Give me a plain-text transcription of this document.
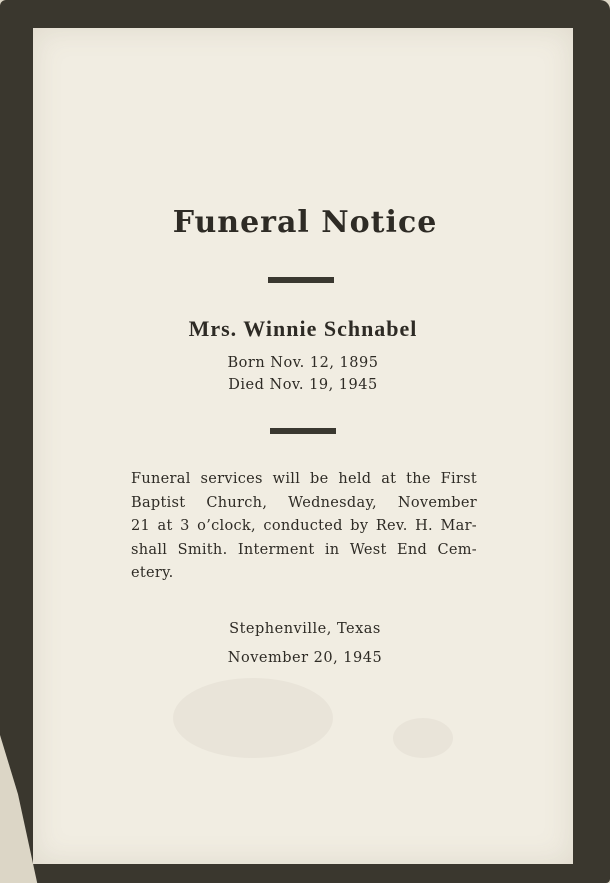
Funeral Notice
Mrs. Winnie Schnabel
Born Nov. 12, 1895
Died Nov. 19, 1945
Funeral services will be held at the First
Baptist Church, Wednesday, November
21 at 3 o’clock, conducted by Rev. H. Mar-
shall Smith. Interment in West End Cem-
etery.
Stephenville, Texas
November 20, 1945
